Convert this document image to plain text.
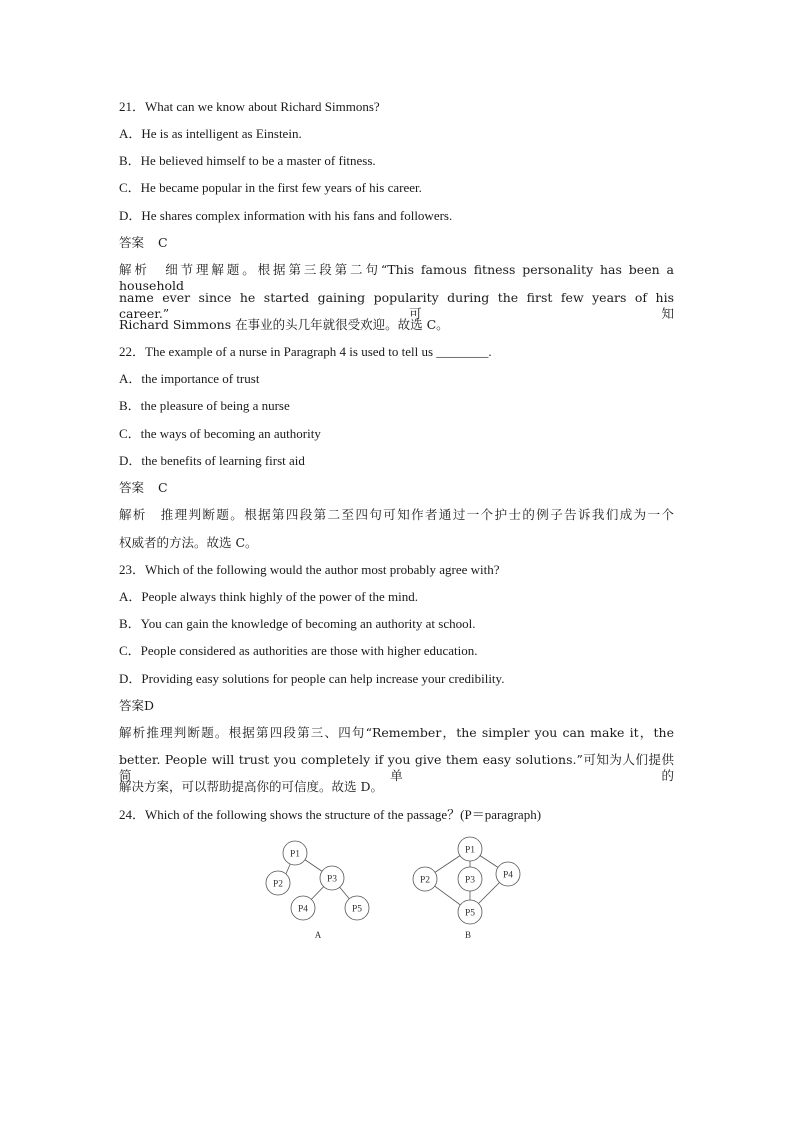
21．What can we know about Richard Simmons?
A．He is as intelligent as Einstein.
B．He believed himself to be a master of fitness.
C．He became popular in the first few years of his career.
D．He shares complex information with his fans and followers.
答案 C
解析  细节理解题。根据第三段第二句“This famous fitness personality has been a household
name ever since he started gaining popularity during the first few years of his career.”可知
Richard Simmons 在事业的头几年就很受欢迎。故选 C。
22．The example of a nurse in Paragraph 4 is used to tell us ________.
A．the importance of trust
B．the pleasure of being a nurse
C．the ways of becoming an authority
D．the benefits of learning first aid
答案 C
解析  推理判断题。根据第四段第二至四句可知作者通过一个护士的例子告诉我们成为一个
权威者的方法。故选 C。
23．Which of the following would the author most probably agree with?
A．People always think highly of the power of the mind.
B．You can gain the knowledge of becoming an authority at school.
C．People considered as authorities are those with higher education.
D．Providing easy solutions for people can help increase your credibility.
答案D
解析推理判断题。根据第四段第三、四句“Remember，the simpler you can make it，the
better. People will trust you completely if you give them easy solutions.”可知为人们提供简单的
解决方案，可以帮助提高你的可信度。故选 D。
24．Which of the following shows the structure of the passage？(P＝paragraph)
P1
P2	P3
P4	P5
A
P1
P2	P3	P4
P5
B
